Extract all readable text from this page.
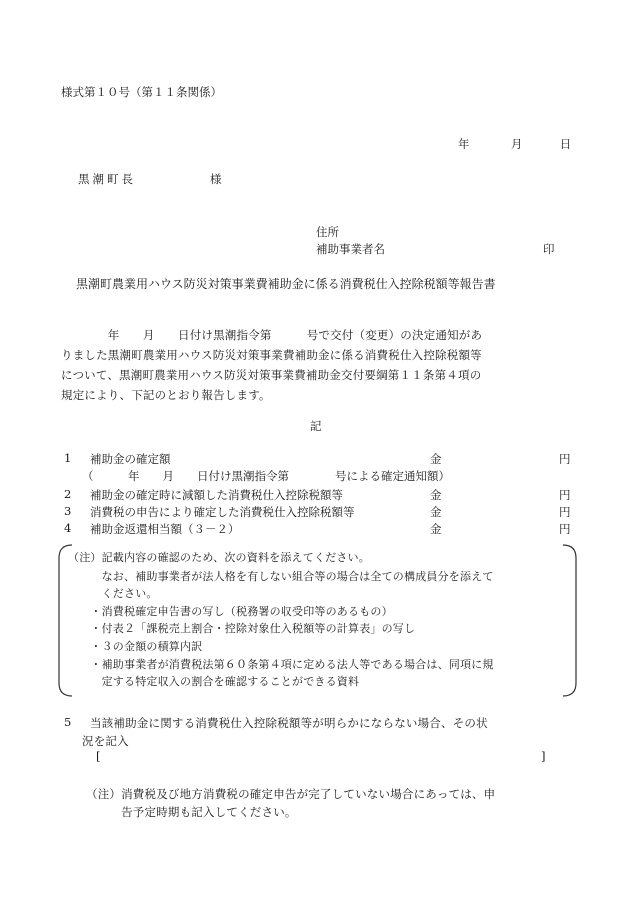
様式第１０号（第１１条関係）
年	月	日
黒潮町長	様
住所
補助事業者名	印
黒潮町農業用ハウス防災対策事業費補助金に係る消費税仕入控除税額等報告書
　　　　年　　月　　日付け黒潮指令第　　　号で交付（変更）の決定通知があ
りました黒潮町農業用ハウス防災対策事業費補助金に係る消費税仕入控除税額等
について、黒潮町農業用ハウス防災対策事業費補助金交付要綱第１１条第４項の
規定により、下記のとおり報告します。
記
1 補助金の確定額	金	円
（　　　年　　月　　日付け黒潮指令第　　　　号による確定通知額）
2 補助金の確定時に減額した消費税仕入控除税額等	金	円
3 消費税の申告により確定した消費税仕入控除税額等	金	円
4 補助金返還相当額（３－２）	金	円
（注）記載内容の確認のため、次の資料を添えてください。
　　　なお、補助事業者が法人格を有しない組合等の場合は全ての構成員分を添えて
　　　ください。
　　・消費税確定申告書の写し（税務署の収受印等のあるもの）
　　・付表２「課税売上割合・控除対象仕入税額等の計算表」の写し
　　・３の金額の積算内訳
　　・補助事業者が消費税法第６０条第４項に定める法人等である場合は、同項に規
　　　定する特定収入の割合を確認することができる資料
5 当該補助金に関する消費税仕入控除税額等が明らかにならない場合、その状
況を記入
[	]
（注）消費税及び地方消費税の確定申告が完了していない場合にあっては、申
　　　告予定時期も記入してください。
